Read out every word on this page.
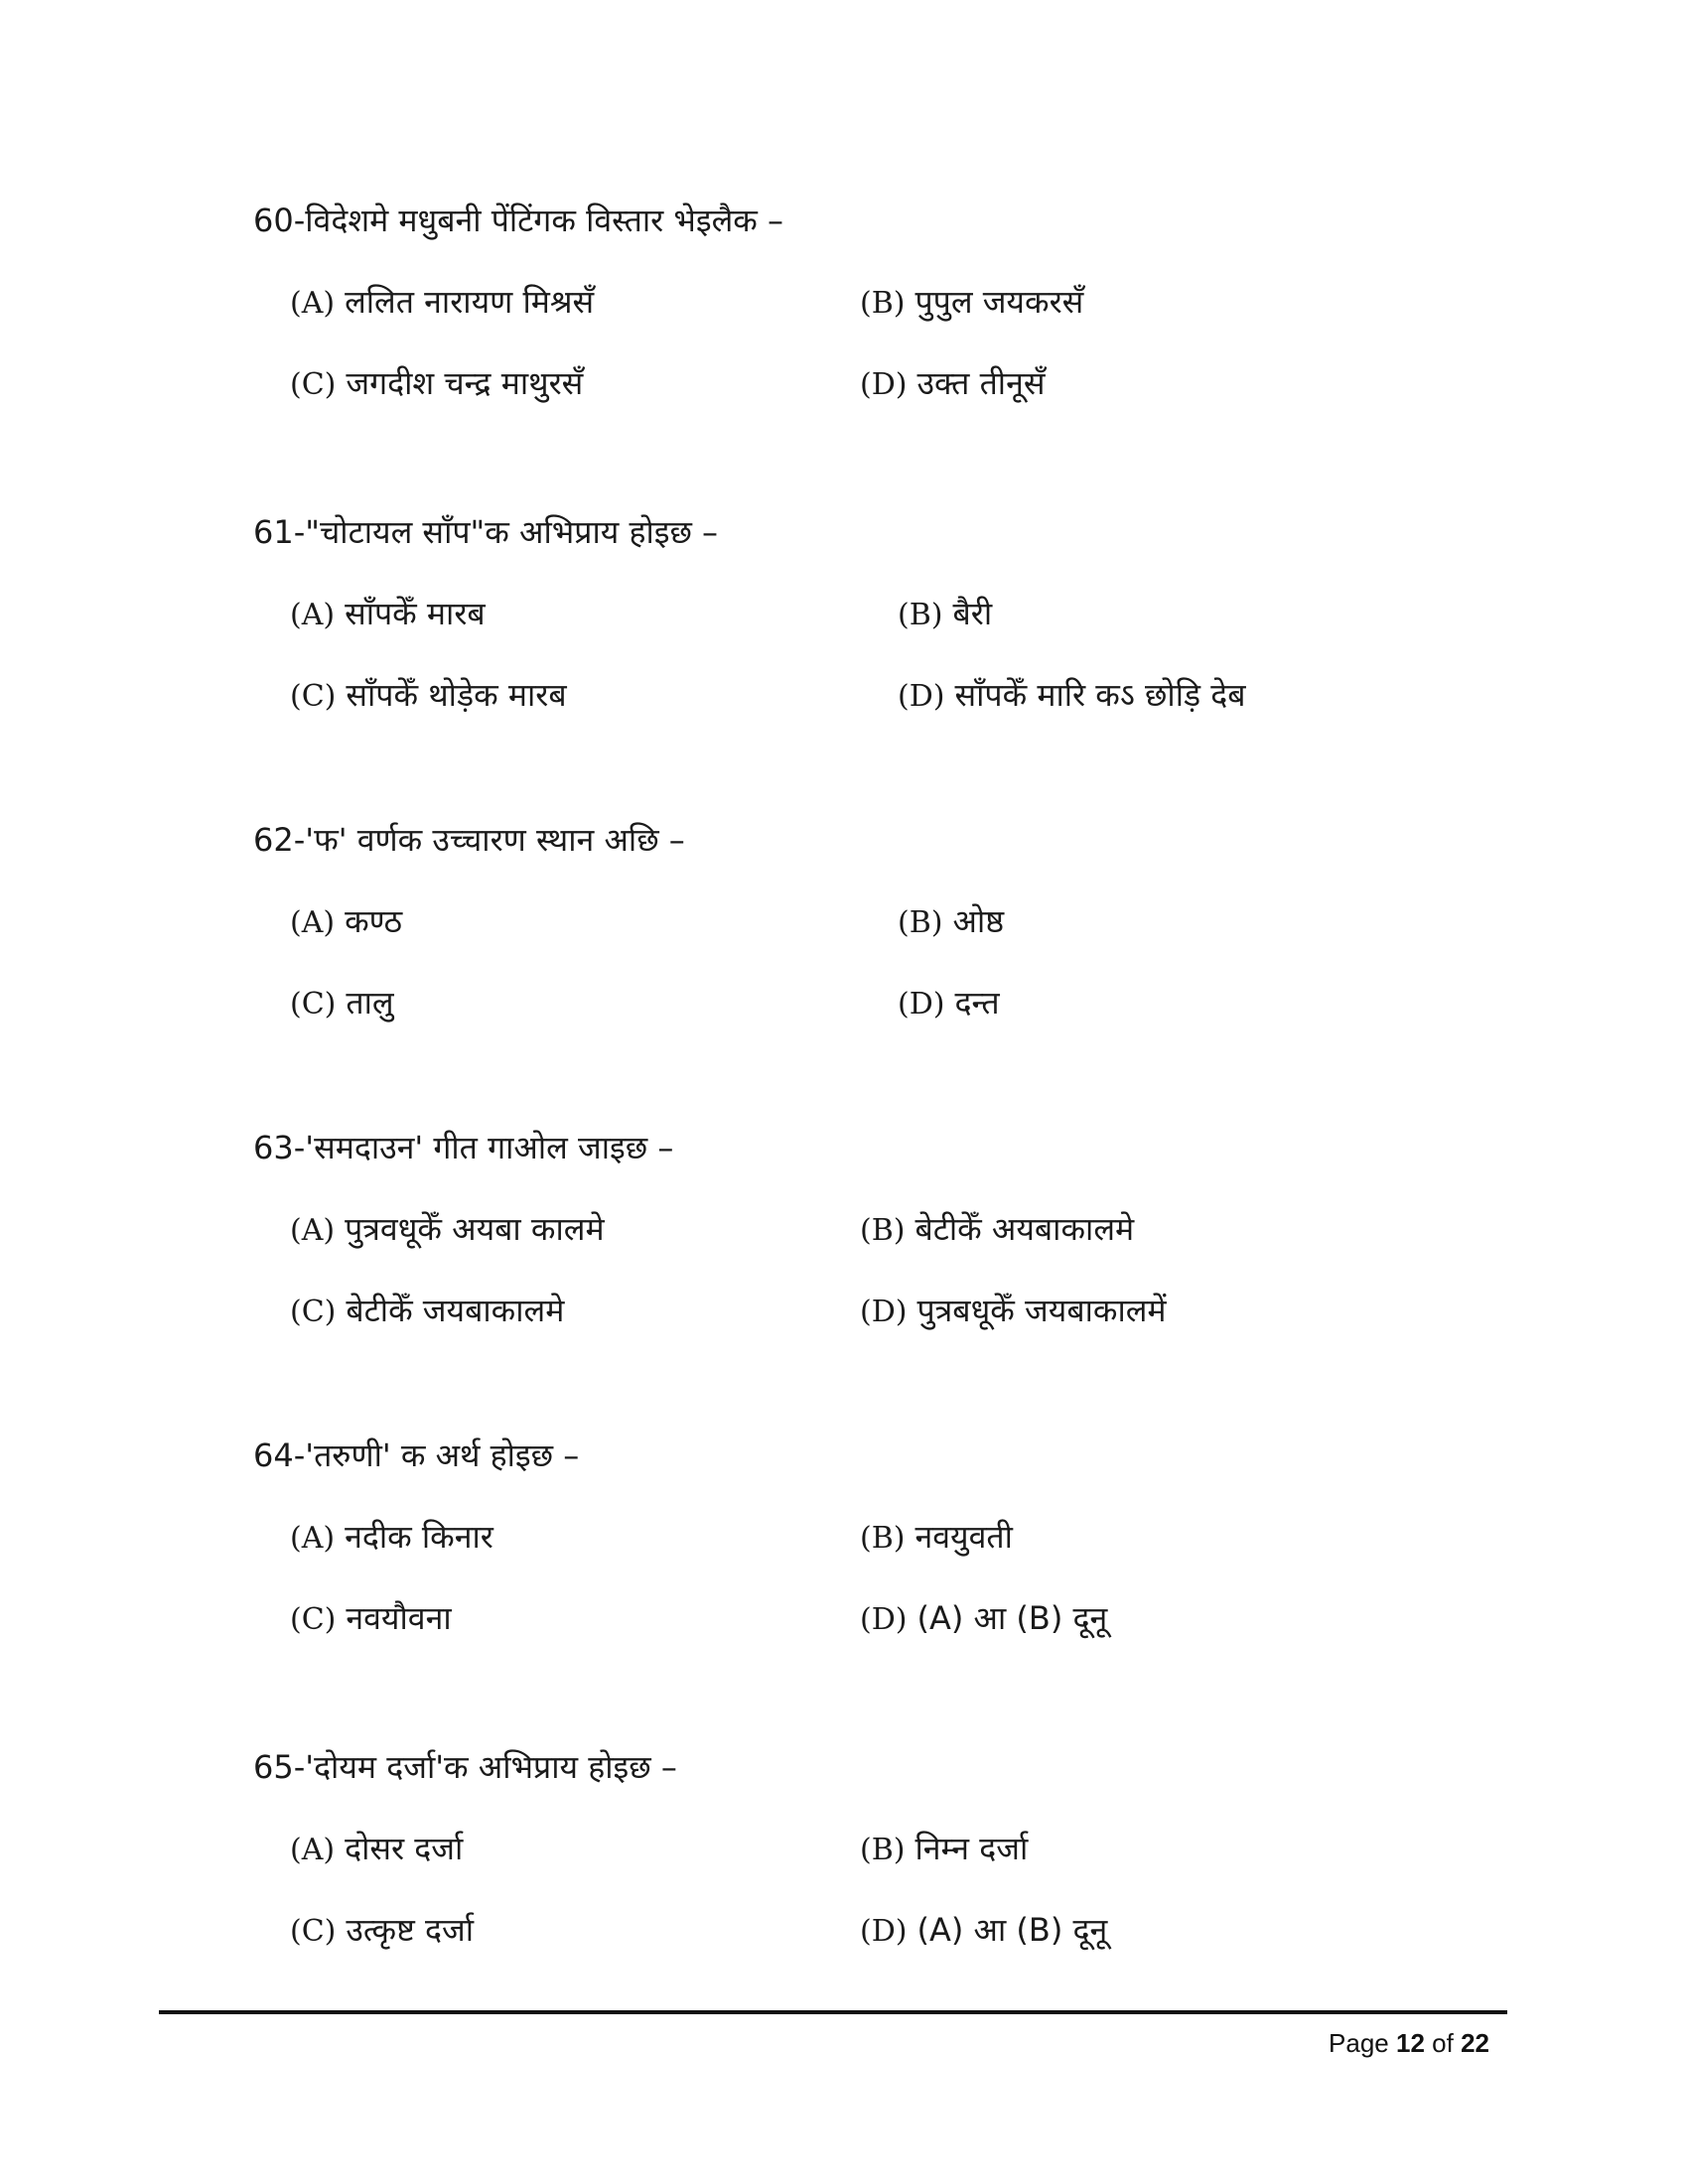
60-विदेशमे मधुबनी पेंटिंगक विस्तार भेइलैक –
(A) ललित नारायण मिश्रसँ	(B) पुपुल जयकरसँ
(C) जगदीश चन्द्र माथुरसँ	(D) उक्त तीनूसँ
61-"चोटायल साँप"क अभिप्राय होइछ –
(A) साँपकेँ मारब	(B) बैरी
(C) साँपकेँ थोड़ेक मारब	(D) साँपकेँ मारि कऽ छोड़ि देब
62-'फ' वर्णक उच्चारण स्थान अछि –
(A) कण्ठ	(B) ओष्ठ
(C) तालु	(D) दन्त
63-'समदाउन' गीत गाओल जाइछ –
(A) पुत्रवधूकेँ अयबा कालमे	(B) बेटीकेँ अयबाकालमे
(C) बेटीकेँ जयबाकालमे	(D) पुत्रबधूकेँ जयबाकालमें
64-'तरुणी' क अर्थ होइछ –
(A) नदीक किनार	(B) नवयुवती
(C) नवयौवना	(D) (A) आ (B) दूनू
65-'दोयम दर्जा'क अभिप्राय होइछ –
(A) दोसर दर्जा	(B) निम्न दर्जा
(C) उत्कृष्ट दर्जा	(D) (A) आ (B) दूनू
Page 12 of 22
